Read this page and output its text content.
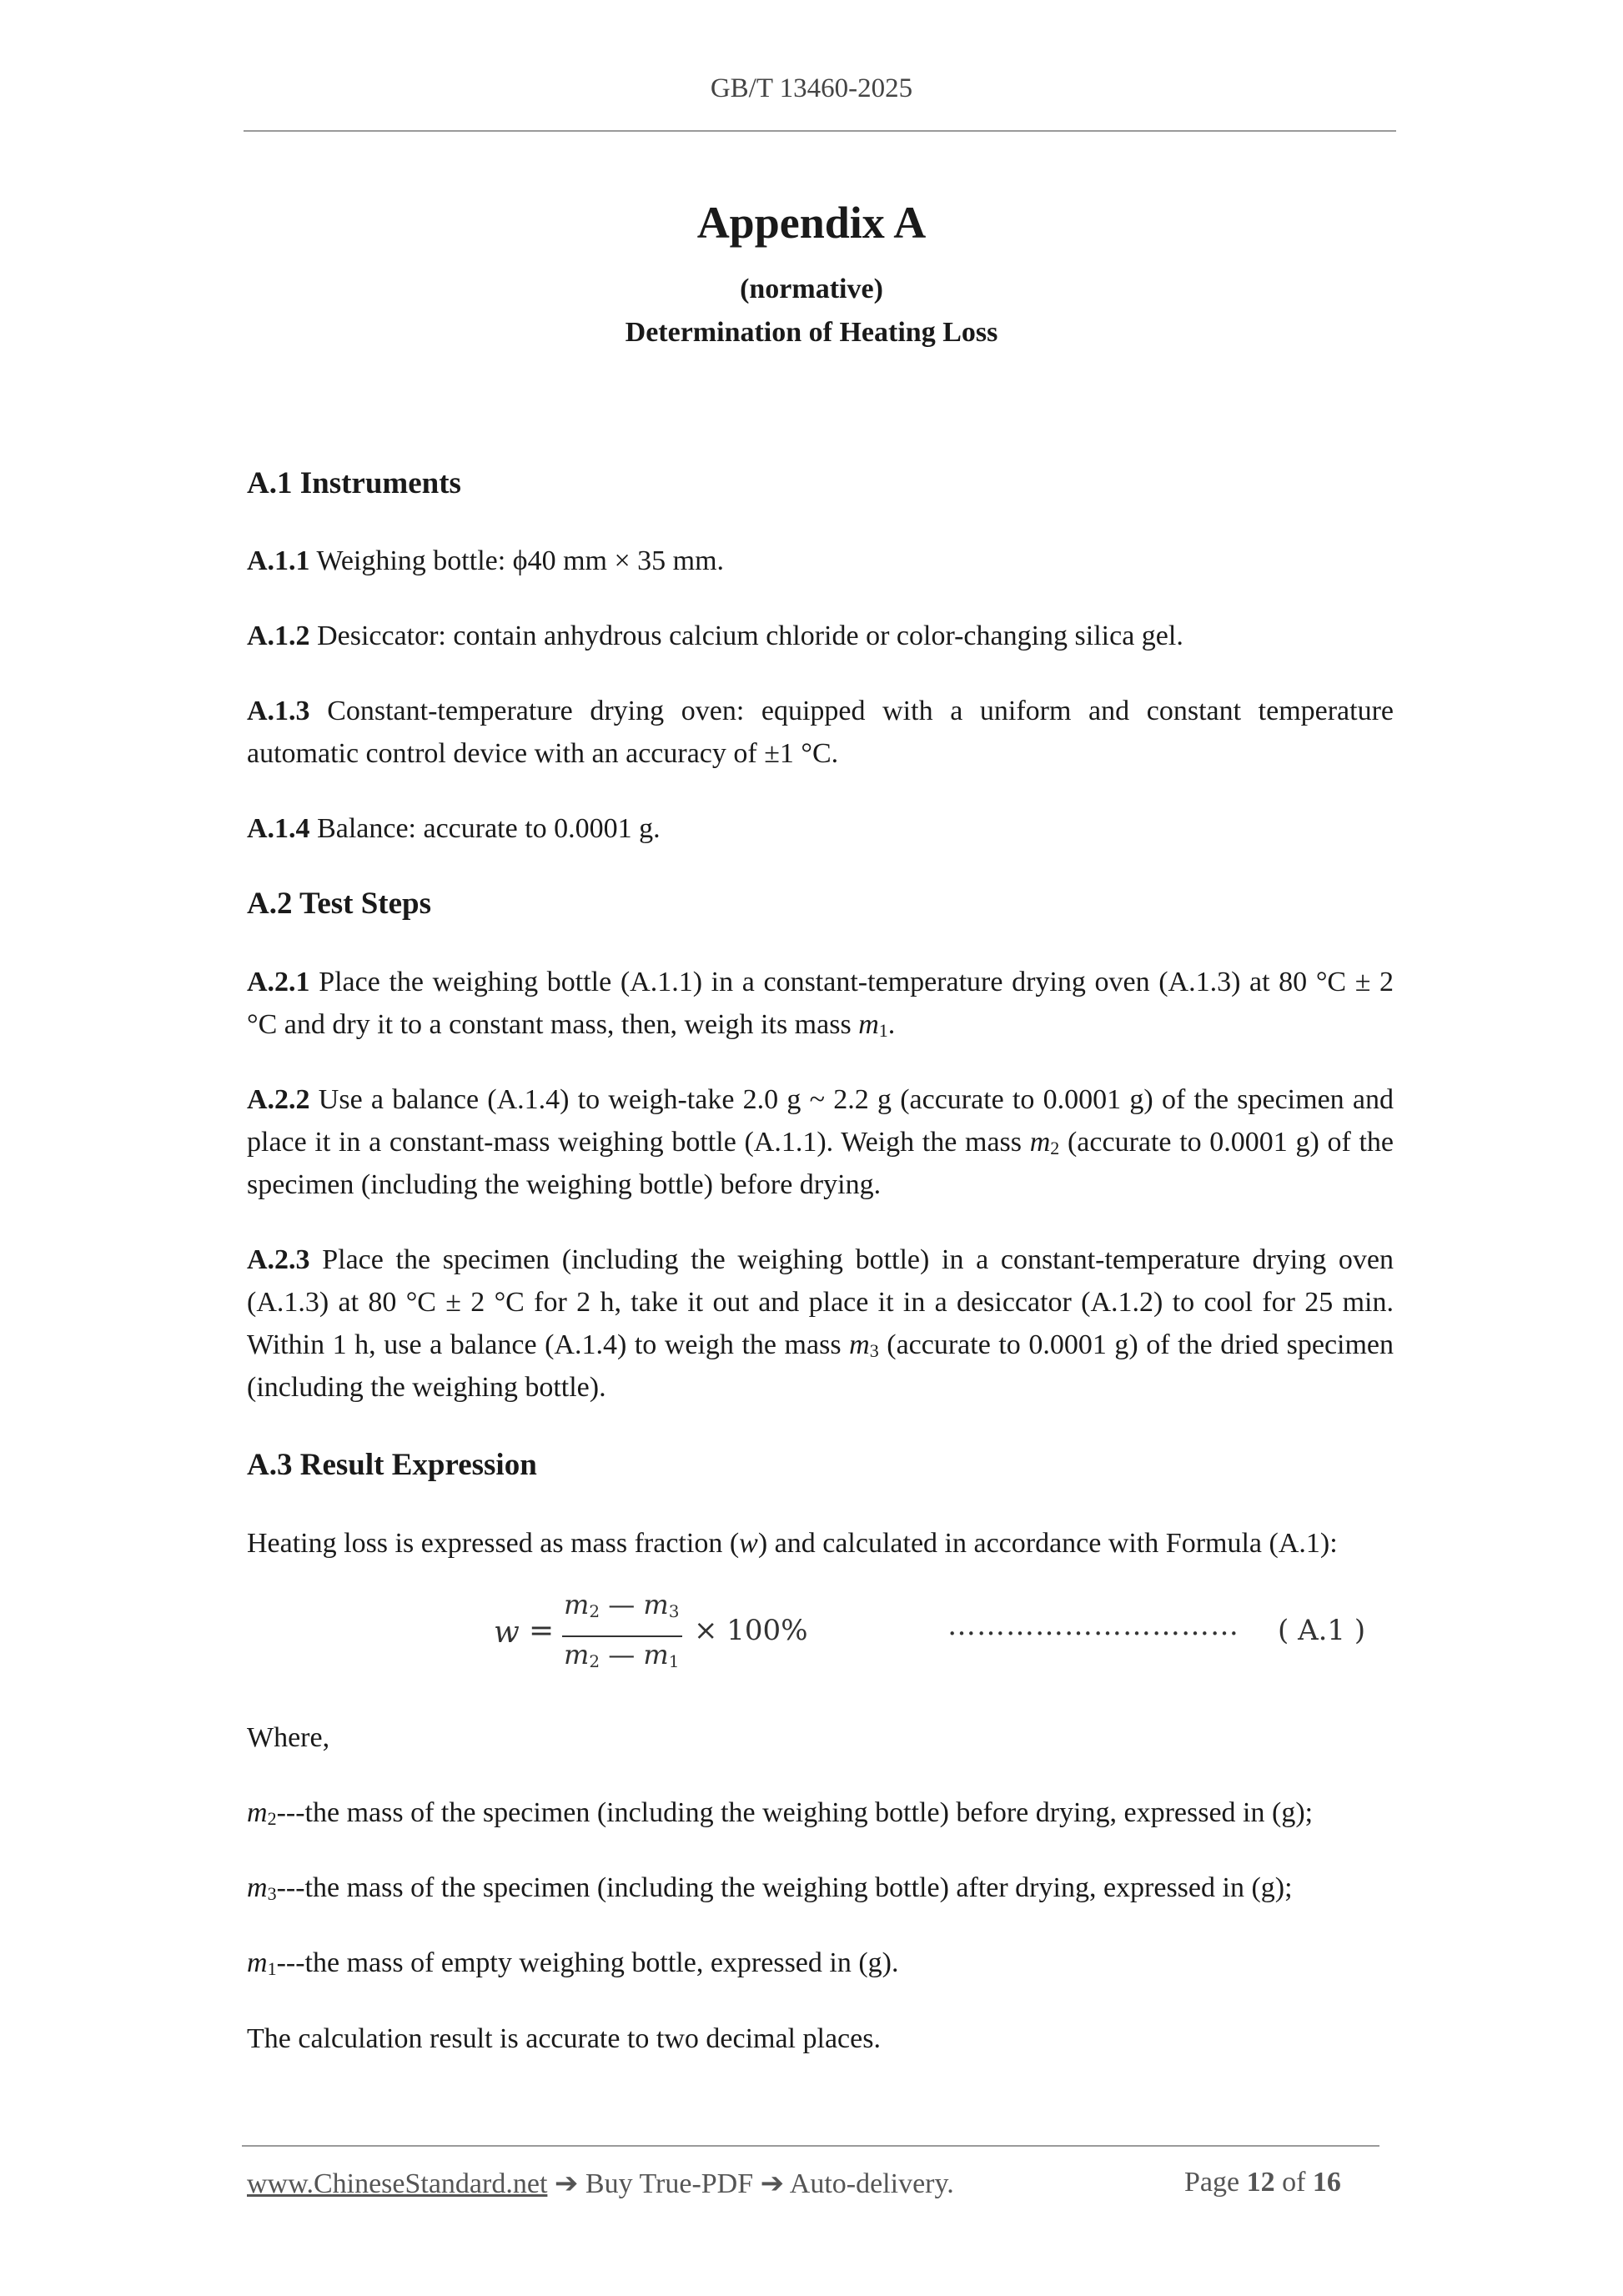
GB/T 13460-2025
Appendix A
(normative)
Determination of Heating Loss
A.1 Instruments
A.1.1 Weighing bottle: ϕ40 mm × 35 mm.
A.1.2 Desiccator: contain anhydrous calcium chloride or color-changing silica gel.
A.1.3 Constant-temperature drying oven: equipped with a uniform and constant temperature automatic control device with an accuracy of ±1 °C.
A.1.4 Balance: accurate to 0.0001 g.
A.2 Test Steps
A.2.1 Place the weighing bottle (A.1.1) in a constant-temperature drying oven (A.1.3) at 80 °C ± 2 °C and dry it to a constant mass, then, weigh its mass $m_1$.
A.2.2 Use a balance (A.1.4) to weigh-take 2.0 g ~ 2.2 g (accurate to 0.0001 g) of the specimen and place it in a constant-mass weighing bottle (A.1.1). Weigh the mass $m_2$ (accurate to 0.0001 g) of the specimen (including the weighing bottle) before drying.
A.2.3 Place the specimen (including the weighing bottle) in a constant-temperature drying oven (A.1.3) at 80 °C ± 2 °C for 2 h, take it out and place it in a desiccator (A.1.2) to cool for 25 min. Within 1 h, use a balance (A.1.4) to weigh the mass $m_3$ (accurate to 0.0001 g) of the dried specimen (including the weighing bottle).
A.3 Result Expression
Heating loss is expressed as mass fraction (w) and calculated in accordance with Formula (A.1):
w =
$m_2$ — $m_3$
$m_2$ — $m_1$
× 100%	………………………… ( A.1 )
Where,
$m_2--$-the mass of the specimen (including the weighing bottle) before drying, expressed in (g);
$m_3--$-the mass of the specimen (including the weighing bottle) after drying, expressed in (g);
$m_1--$-the mass of empty weighing bottle, expressed in (g).
The calculation result is accurate to two decimal places.
www.ChineseStandard.net ➔ Buy True-PDF ➔ Auto-delivery.	Page 12 of 16
